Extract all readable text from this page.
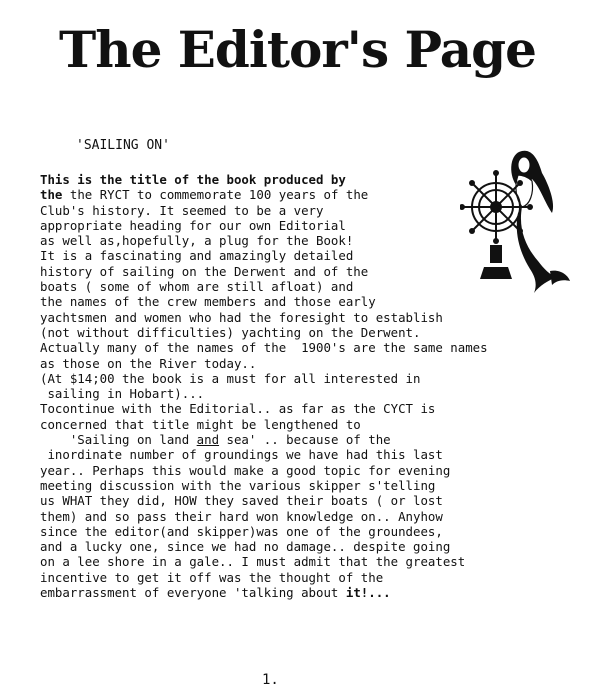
The Editor's Page
'SAILING ON'
This is the title of the book produced by
the the RYCT to commemorate 100 years of the
Club's history. It seemed to be a very
appropriate heading for our own Editorial
as well as,hopefully, a plug for the Book!
It is a fascinating and amazingly detailed
history of sailing on the Derwent and of the
boats ( some of whom are still afloat) and
the names of the crew members and those early
yachtsmen and women who had the foresight to establish
(not without difficulties) yachting on the Derwent.
Actually many of the names of the  1900's are the same names
as those on the River today..
(At $14;00 the book is a must for all interested in
sailing in Hobart)...
Tocontinue with the Editorial.. as far as the CYCT is
concerned that title might be lengthened to
'Sailing on land and sea' .. because of the
inordinate number of groundings we have had this last
year.. Perhaps this would make a good topic for evening
meeting discussion with the various skipper s'telling
us WHAT they did, HOW they saved their boats ( or lost
them) and so pass their hard won knowledge on.. Anyhow
since the editor(and skipper)was one of the groundees,
and a lucky one, since we had no damage.. despite going
on a lee shore in a gale.. I must admit that the greatest
incentive to get it off was the thought of the
embarrassment of everyone 'talking about it!...
1.
